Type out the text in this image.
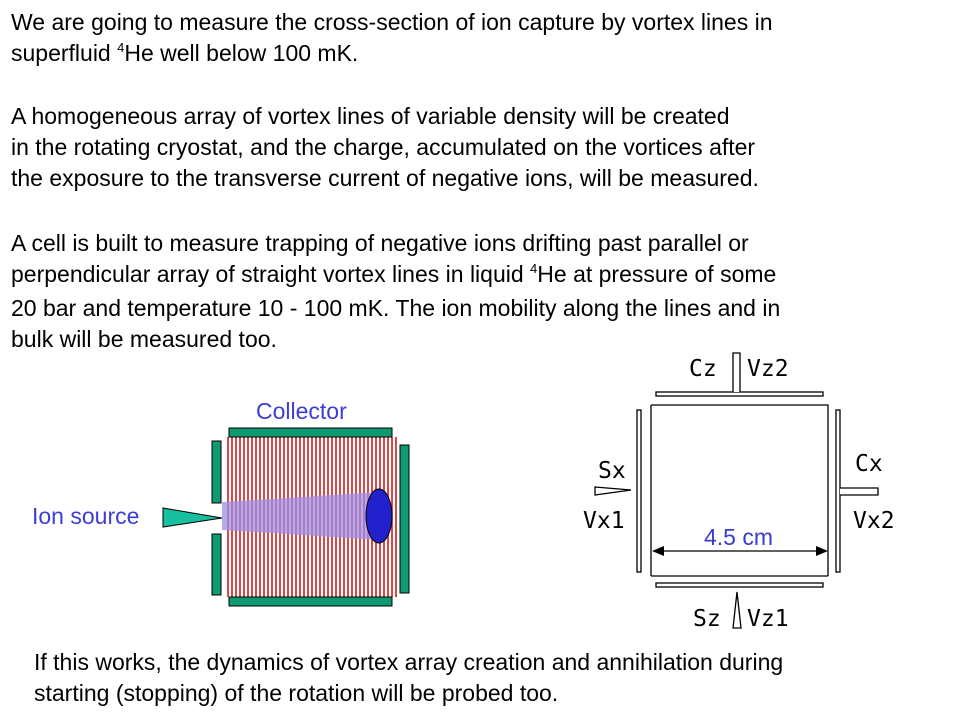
We are going to measure the cross-section of ion capture by vortex lines in
superfluid $^4$He well below 100 mK.
A homogeneous array of vortex lines of variable density will be created
in the rotating cryostat, and the charge, accumulated on the vortices after
the exposure to the transverse current of negative ions, will be measured.
A cell is built to measure trapping of negative ions drifting past parallel or
perpendicular array of straight vortex lines in liquid $^4$He at pressure of some
20 bar and temperature 10 - 100 mK. The ion mobility along the lines and in
bulk will be measured too.
If this works, the dynamics of vortex array creation and annihilation during
starting (stopping) of the rotation will be probed too.
Cz Vz2
Sx
Vx1
Cx
Vx2
Sz Vz1
Collector
Ion source
4.5 cm
